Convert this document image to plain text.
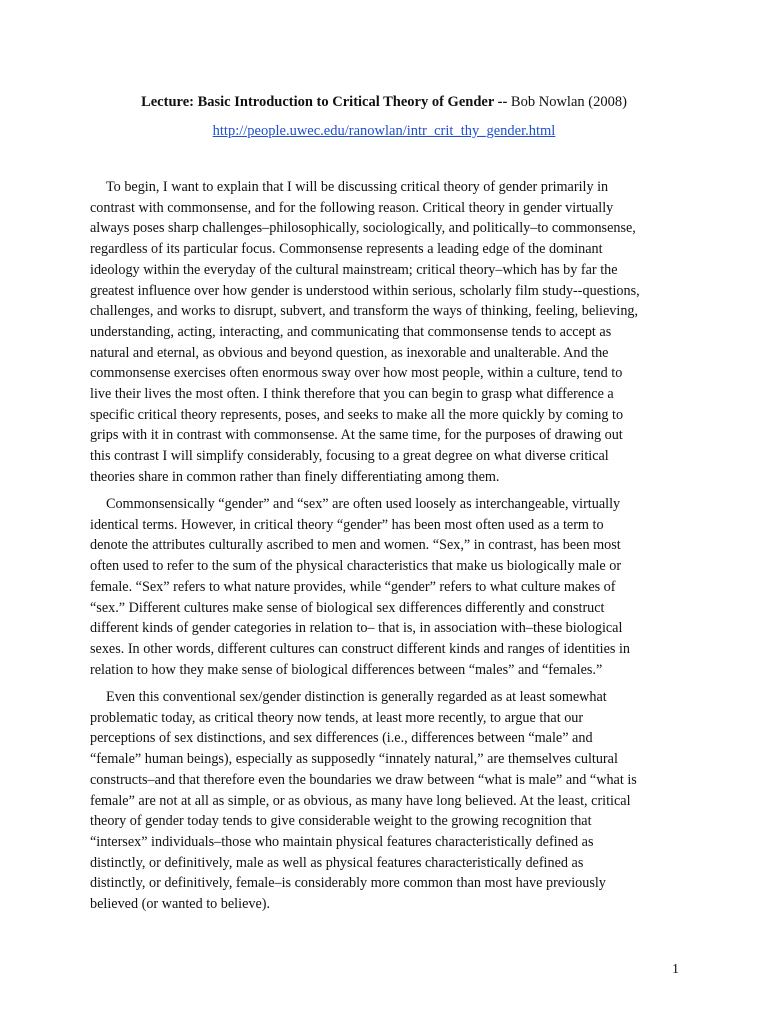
Lecture: Basic Introduction to Critical Theory of Gender -- Bob Nowlan (2008)
http://people.uwec.edu/ranowlan/intr_crit_thy_gender.html
To begin, I want to explain that I will be discussing critical theory of gender primarily in
contrast with commonsense, and for the following reason. Critical theory in gender virtually
always poses sharp challenges–philosophically, sociologically, and politically–to commonsense,
regardless of its particular focus. Commonsense represents a leading edge of the dominant
ideology within the everyday of the cultural mainstream; critical theory–which has by far the
greatest influence over how gender is understood within serious, scholarly film study--questions,
challenges, and works to disrupt, subvert, and transform the ways of thinking, feeling, believing,
understanding, acting, interacting, and communicating that commonsense tends to accept as
natural and eternal, as obvious and beyond question, as inexorable and unalterable. And the
commonsense exercises often enormous sway over how most people, within a culture, tend to
live their lives the most often. I think therefore that you can begin to grasp what difference a
specific critical theory represents, poses, and seeks to make all the more quickly by coming to
grips with it in contrast with commonsense. At the same time, for the purposes of drawing out
this contrast I will simplify considerably, focusing to a great degree on what diverse critical
theories share in common rather than finely differentiating among them.
Commonsensically “gender” and “sex” are often used loosely as interchangeable, virtually
identical terms. However, in critical theory “gender” has been most often used as a term to
denote the attributes culturally ascribed to men and women. “Sex,” in contrast, has been most
often used to refer to the sum of the physical characteristics that make us biologically male or
female. “Sex” refers to what nature provides, while “gender” refers to what culture makes of
“sex.” Different cultures make sense of biological sex differences differently and construct
different kinds of gender categories in relation to– that is, in association with–these biological
sexes. In other words, different cultures can construct different kinds and ranges of identities in
relation to how they make sense of biological differences between “males” and “females.”
Even this conventional sex/gender distinction is generally regarded as at least somewhat
problematic today, as critical theory now tends, at least more recently, to argue that our
perceptions of sex distinctions, and sex differences (i.e., differences between “male” and
“female” human beings), especially as supposedly “innately natural,” are themselves cultural
constructs–and that therefore even the boundaries we draw between “what is male” and “what is
female” are not at all as simple, or as obvious, as many have long believed. At the least, critical
theory of gender today tends to give considerable weight to the growing recognition that
“intersex” individuals–those who maintain physical features characteristically defined as
distinctly, or definitively, male as well as physical features characteristically defined as
distinctly, or definitively, female–is considerably more common than most have previously
believed (or wanted to believe).
1
